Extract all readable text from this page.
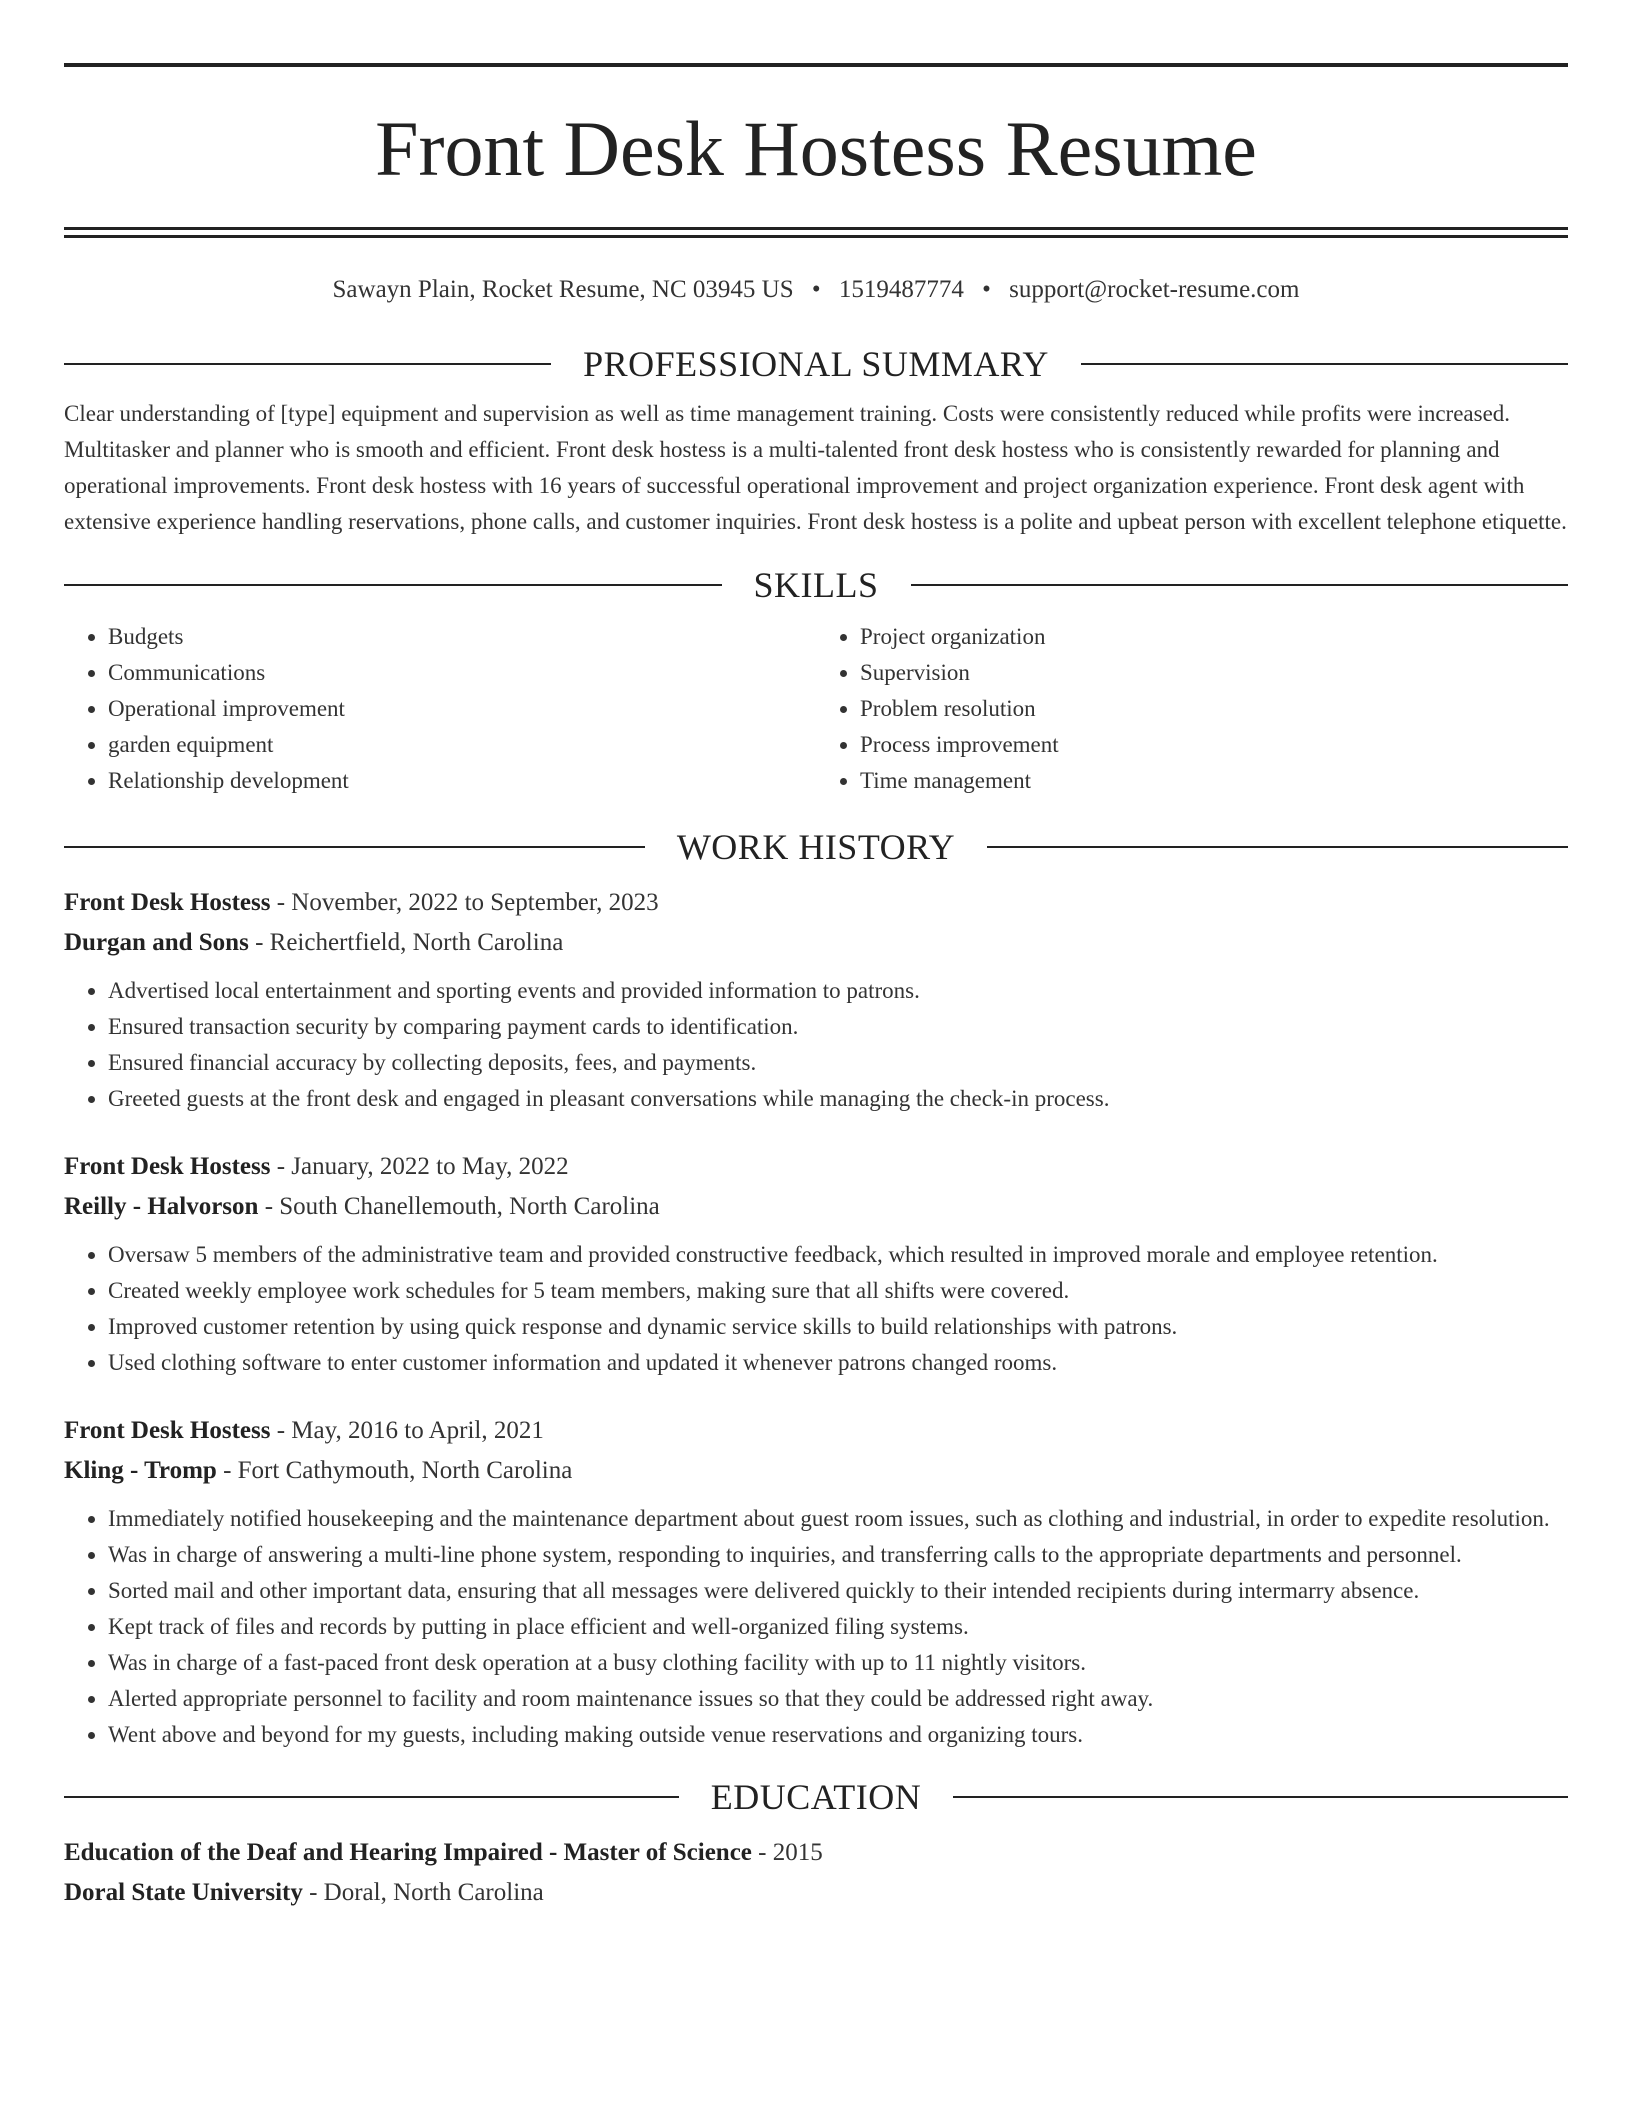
Front Desk Hostess Resume
Sawayn Plain, Rocket Resume, NC 03945 US • 1519487774 • support@rocket-resume.com
PROFESSIONAL SUMMARY

Clear understanding of [type] equipment and supervision as well as time management training. Costs were consistently reduced while profits were increased. Multitasker and planner who is smooth and efficient. Front desk hostess is a multi-talented front desk hostess who is consistently rewarded for planning and operational improvements. Front desk hostess with 16 years of successful operational improvement and project organization experience. Front desk agent with extensive experience handling reservations, phone calls, and customer inquiries. Front desk hostess is a polite and upbeat person with excellent telephone etiquette.

SKILLS
• Budgets
• Communications
• Operational improvement
• garden equipment
• Relationship development
• Project organization
• Supervision
• Problem resolution
• Process improvement
• Time management
WORK HISTORY
Front Desk Hostess - November, 2022 to September, 2023
Durgan and Sons - Reichertfield, North Carolina
• Advertised local entertainment and sporting events and provided information to patrons.
• Ensured transaction security by comparing payment cards to identification.
• Ensured financial accuracy by collecting deposits, fees, and payments.
• Greeted guests at the front desk and engaged in pleasant conversations while managing the check-in process.
Front Desk Hostess - January, 2022 to May, 2022
Reilly - Halvorson - South Chanellemouth, North Carolina
• Oversaw 5 members of the administrative team and provided constructive feedback, which resulted in improved morale and employee retention.
• Created weekly employee work schedules for 5 team members, making sure that all shifts were covered.
• Improved customer retention by using quick response and dynamic service skills to build relationships with patrons.
• Used clothing software to enter customer information and updated it whenever patrons changed rooms.
Front Desk Hostess - May, 2016 to April, 2021
Kling - Tromp - Fort Cathymouth, North Carolina
• Immediately notified housekeeping and the maintenance department about guest room issues, such as clothing and industrial, in order to expedite resolution.
• Was in charge of answering a multi-line phone system, responding to inquiries, and transferring calls to the appropriate departments and personnel.
• Sorted mail and other important data, ensuring that all messages were delivered quickly to their intended recipients during intermarry absence.
• Kept track of files and records by putting in place efficient and well-organized filing systems.
• Was in charge of a fast-paced front desk operation at a busy clothing facility with up to 11 nightly visitors.
• Alerted appropriate personnel to facility and room maintenance issues so that they could be addressed right away.
• Went above and beyond for my guests, including making outside venue reservations and organizing tours.
EDUCATION
Education of the Deaf and Hearing Impaired - Master of Science - 2015
Doral State University - Doral, North Carolina
